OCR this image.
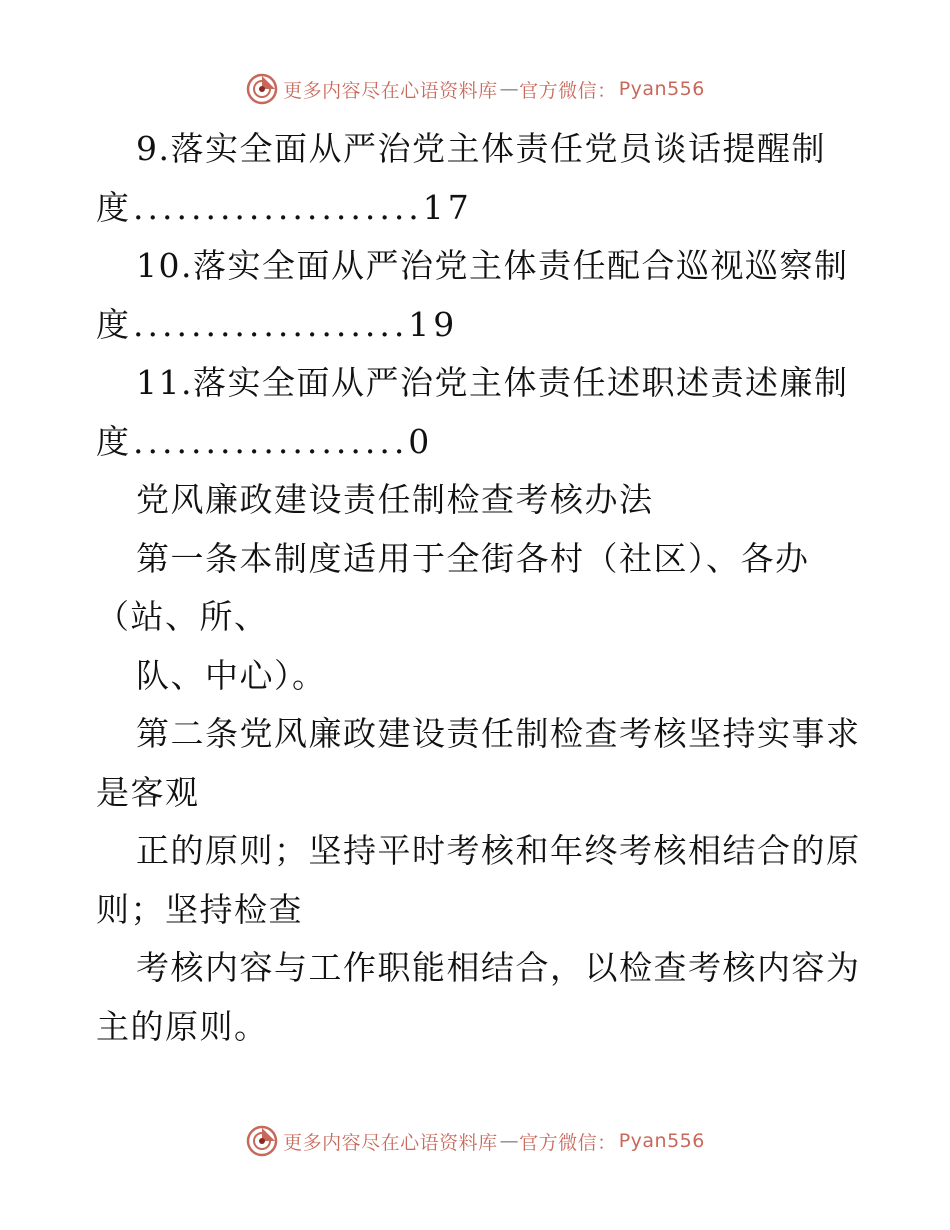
更多内容尽在心语资料库 — 官方微信： Pyan556
9.落实全面从严治党主体责任党员谈话提醒制
度....................17
10.落实全面从严治党主体责任配合巡视巡察制
度...................19
11.落实全面从严治党主体责任述职述责述廉制
度...................0
党风廉政建设责任制检查考核办法
第一条本制度适用于全街各村（社区）、各办
（站、所、
队、中心）。
第二条党风廉政建设责任制检查考核坚持实事求
是客观
正的原则；坚持平时考核和年终考核相结合的原
则；坚持检查
考核内容与工作职能相结合，以检查考核内容为
主的原则。
更多内容尽在心语资料库 — 官方微信： Pyan556
